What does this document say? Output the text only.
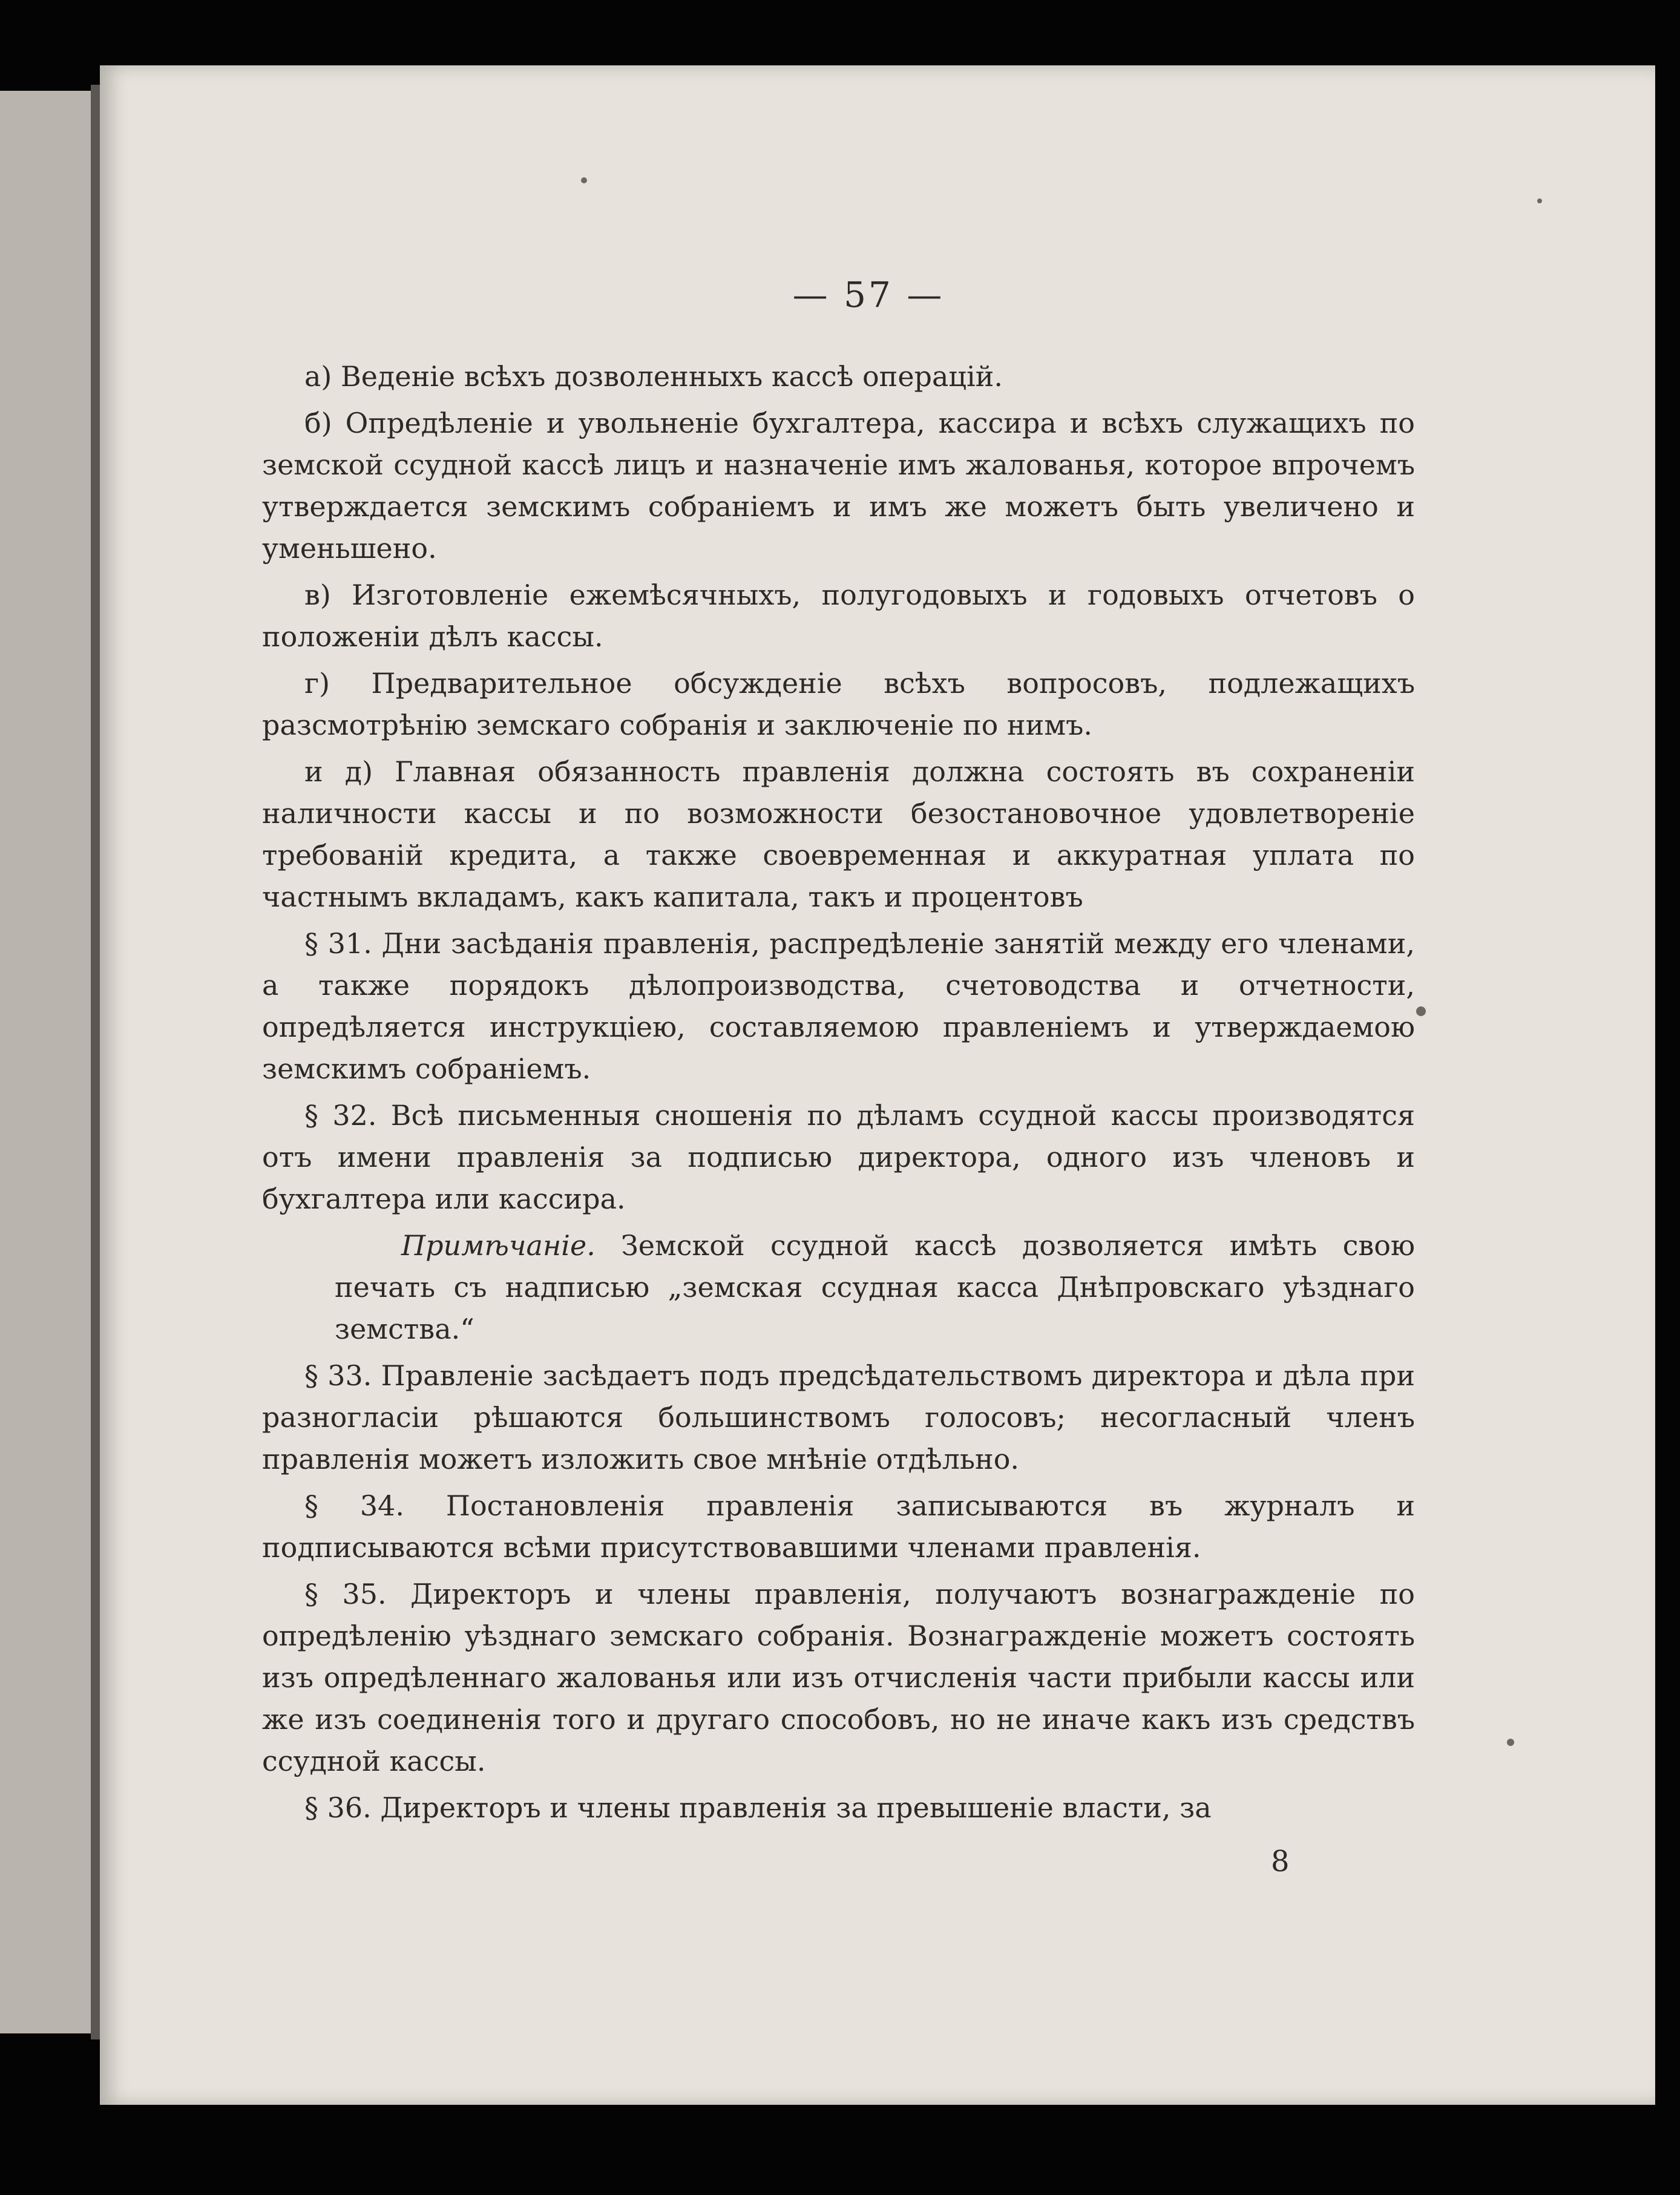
— 57 —

а) Веденіе всѣхъ дозволенныхъ кассѣ операцій.

б) Опредѣленіе и увольненіе бухгалтера, кассира и всѣхъ служащихъ по земской ссудной кассѣ лицъ и назначеніе имъ жалованья, которое впрочемъ утверждается земскимъ собраніемъ и имъ же можетъ быть увеличено и уменьшено.

в) Изготовленіе ежемѣсячныхъ, полугодовыхъ и годовыхъ отчетовъ о положеніи дѣлъ кассы.

г) Предварительное обсужденіе всѣхъ вопросовъ, подлежащихъ разсмотрѣнію земскаго собранія и заключеніе по нимъ.

и д) Главная обязанность правленія должна состоять въ сохраненіи наличности кассы и по возможности безостановочное удовлетвореніе требованій кредита, а также своевременная и аккуратная уплата по частнымъ вкладамъ, какъ капитала, такъ и процентовъ

§ 31. Дни засѣданія правленія, распредѣленіе занятій между его членами, а также порядокъ дѣлопроизводства, счетоводства и отчетности, опредѣляется инструкціею, составляемою правленіемъ и утверждаемою земскимъ собраніемъ.

§ 32. Всѣ письменныя сношенія по дѣламъ ссудной кассы производятся отъ имени правленія за подписью директора, одного изъ членовъ и бухгалтера или кассира.

Примѣчаніе. Земской ссудной кассѣ дозволяется имѣть свою печать съ надписью „земская ссудная касса Днѣпровскаго уѣзднаго земства.“

§ 33. Правленіе засѣдаетъ подъ предсѣдательствомъ директора и дѣла при разногласіи рѣшаются большинствомъ голосовъ; несогласный членъ правленія можетъ изложить свое мнѣніе отдѣльно.

§ 34. Постановленія правленія записываются въ журналъ и подписываются всѣми присутствовавшими членами правленія.

§ 35. Директоръ и члены правленія, получаютъ вознагражденіе по опредѣленію уѣзднаго земскаго собранія. Вознагражденіе можетъ состоять изъ опредѣленнаго жалованья или изъ отчисленія части прибыли кассы или же изъ соединенія того и другаго способовъ, но не иначе какъ изъ средствъ ссудной кассы.

§ 36. Директоръ и члены правленія за превышеніе власти, за

8
